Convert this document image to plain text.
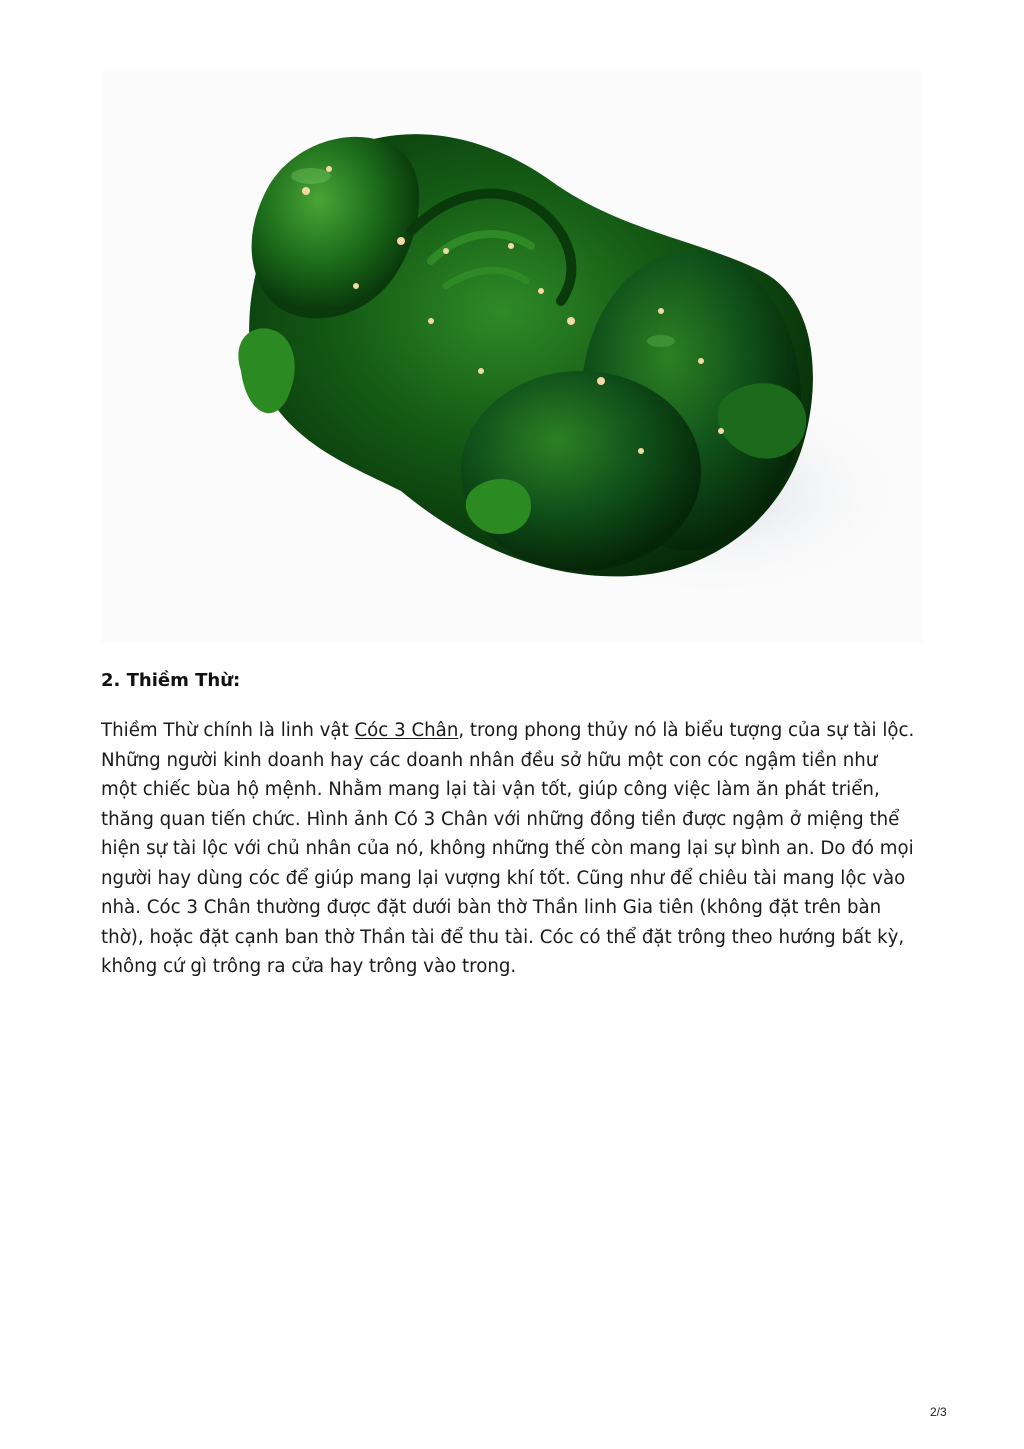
2. Thiềm Thừ:
Thiềm Thừ chính là linh vật Cóc 3 Chân, trong phong thủy nó là biểu tượng của sự tài lộc.
Những người kinh doanh hay các doanh nhân đều sở hữu một con cóc ngậm tiền như
một chiếc bùa hộ mệnh. Nhằm mang lại tài vận tốt, giúp công việc làm ăn phát triển,
thăng quan tiến chức. Hình ảnh Có 3 Chân với những đồng tiền được ngậm ở miệng thể
hiện sự tài lộc với chủ nhân của nó, không những thế còn mang lại sự bình an. Do đó mọi
người hay dùng cóc để giúp mang lại vượng khí tốt. Cũng như để chiêu tài mang lộc vào
nhà. Cóc 3 Chân thường được đặt dưới bàn thờ Thần linh Gia tiên (không đặt trên bàn
thờ), hoặc đặt cạnh ban thờ Thần tài để thu tài. Cóc có thể đặt trông theo hướng bất kỳ,
không cứ gì trông ra cửa hay trông vào trong.
2/3
